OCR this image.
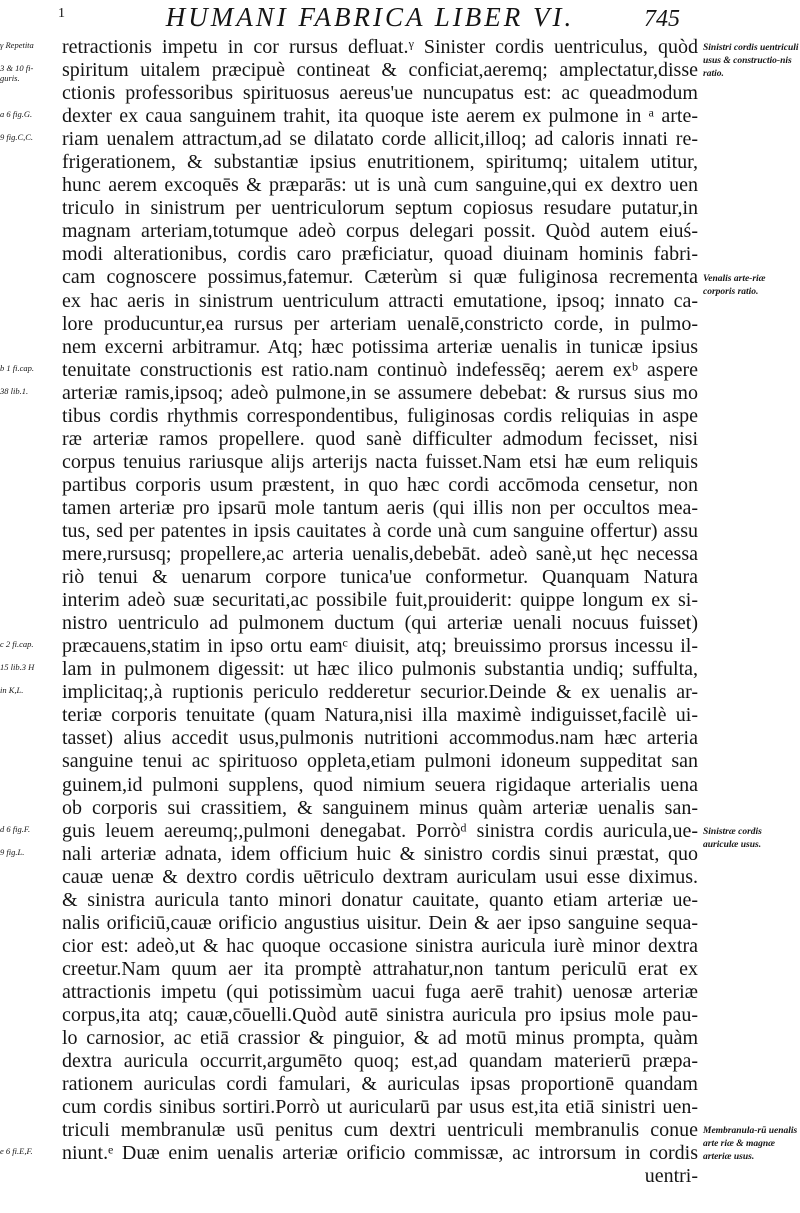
1	HUMANI FABRICA LIBER VI.	745
retractionis impetu in cor rursus defluat.ᵞ Sinister cordis uentriculus, quòd
spiritum uitalem præcipuè contineat & conficiat,aeremq; amplectatur,disse
ctionis professoribus spirituosus aereus'ue nuncupatus est: ac queadmodum
dexter ex caua sanguinem trahit, ita quoque iste aerem ex pulmone in ᵃ arte-
riam uenalem attractum,ad se dilatato corde allicit,illoq; ad caloris innati re-
frigerationem, & substantiæ ipsius enutritionem, spiritumq; uitalem utitur,
hunc aerem excoquēs & præparās: ut is unà cum sanguine,qui ex dextro uen
triculo in sinistrum per uentriculorum septum copiosus resudare putatur,in
magnam arteriam,totumque adeò corpus delegari possit. Quòd autem eiuś-
modi alterationibus, cordis caro præficiatur, quoad diuinam hominis fabri-
cam cognoscere possimus,fatemur. Cæterùm si quæ fuliginosa recrementa
ex hac aeris in sinistrum uentriculum attracti emutatione, ipsoq; innato ca-
lore producuntur,ea rursus per arteriam uenalē,constricto corde, in pulmo-
nem excerni arbitramur. Atq; hæc potissima arteriæ uenalis in tunicæ ipsius
tenuitate constructionis est ratio.nam continuò indefessēq; aerem exᵇ aspere
arteriæ ramis,ipsoq; adeò pulmone,in se assumere debebat: & rursus sius mo
tibus cordis rhythmis correspondentibus, fuliginosas cordis reliquias in aspe
ræ arteriæ ramos propellere. quod sanè difficulter admodum fecisset, nisi
corpus tenuius rariusque alijs arterijs nacta fuisset.Nam etsi hæ eum reliquis
partibus corporis usum præstent, in quo hæc cordi accōmoda censetur, non
tamen arteriæ pro ipsarū mole tantum aeris (qui illis non per occultos mea-
tus, sed per patentes in ipsis cauitates à corde unà cum sanguine offertur) assu
mere,rursusq; propellere,ac arteria uenalis,debebāt. adeò sanè,ut hęc necessa
riò tenui & uenarum corpore tunica'ue conformetur. Quanquam Natura
interim adeò suæ securitati,ac possibile fuit,prouiderit: quippe longum ex si-
nistro uentriculo ad pulmonem ductum (qui arteriæ uenali nocuus fuisset)
præcauens,statim in ipso ortu eamᶜ diuisit, atq; breuissimo prorsus incessu il-
lam in pulmonem digessit: ut hæc ilico pulmonis substantia undiq; suffulta,
implicitaq;,à ruptionis periculo redderetur securior.Deinde & ex uenalis ar-
teriæ corporis tenuitate (quam Natura,nisi illa maximè indiguisset,facilè ui-
tasset) alius accedit usus,pulmonis nutritioni accommodus.nam hæc arteria
sanguine tenui ac spirituoso oppleta,etiam pulmoni idoneum suppeditat san
guinem,id pulmoni supplens, quod nimium seuera rigidaque arterialis uena
ob corporis sui crassitiem, & sanguinem minus quàm arteriæ uenalis san-
guis leuem aereumq;,pulmoni denegabat. Porròᵈ sinistra cordis auricula,ue-
nali arteriæ adnata, idem officium huic & sinistro cordis sinui præstat, quo
cauæ uenæ & dextro cordis uētriculo dextram auriculam usui esse diximus.
& sinistra auricula tanto minori donatur cauitate, quanto etiam arteriæ ue-
nalis orificiū,cauæ orificio angustius uisitur. Dein & aer ipso sanguine sequa-
cior est: adeò,ut & hac quoque occasione sinistra auricula iurè minor dextra
creetur.Nam quum aer ita promptè attrahatur,non tantum periculū erat ex
attractionis impetu (qui potissimùm uacui fuga aerē trahit) uenosæ arteriæ
corpus,ita atq; cauæ,cōuelli.Quòd autē sinistra auricula pro ipsius mole pau-
lo carnosior, ac etiā crassior & pinguior, & ad motū minus prompta, quàm
dextra auricula occurrit,argumēto quoq; est,ad quandam materierū præpa-
rationem auriculas cordi famulari, & auriculas ipsas proportionē quandam
cum cordis sinibus sortiri.Porrò ut auricularū par usus est,ita etiā sinistri uen-
triculi membranulæ usū penitus cum dextri uentriculi membranulis conue
niunt.ᵉ Duæ enim uenalis arteriæ orificio commissæ, ac introrsum in cordis
uentri-
γ Repetita
3 & 10 fi-
guris.
a 6 fig.G.
9 fig.C,C.
b 1 fi.cap.
38 lib.1.
c 2 fi.cap.
15 lib.3 H
in K,L.
d 6 fig.F.
9 fig.L.
e 6 fi.E,F.
Sinistri cordis uentriculi usus & constructio-nis ratio.
Venalis arte-riæ corporis ratio.
Sinistræ cordis auriculæ usus.
Membranula-rū uenalis arte riæ & magnæ arteriæ usus.
